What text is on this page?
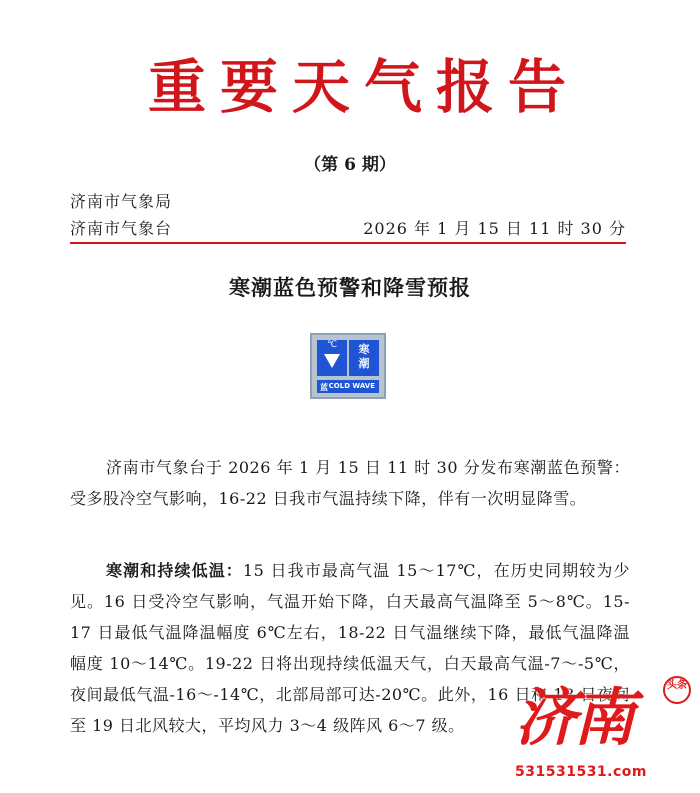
重要天气报告
（第 6 期）
济南市气象局
济南市气象台	2026 年 1 月 15 日 11 时 30 分
寒潮蓝色预警和降雪预报
℃	寒
潮
蓝 COLD WAVE
济南市气象台于 2026 年 1 月 15 日 11 时 30 分发布寒潮蓝色预警：受多股冷空气影响，16-22 日我市气温持续下降，伴有一次明显降雪。
寒潮和持续低温：15 日我市最高气温 15～17℃，在历史同期较为少见。16 日受冷空气影响，气温开始下降，白天最高气温降至 5～8℃。15-17 日最低气温降温幅度 6℃左右，18-22 日气温继续下降，最低气温降温幅度 10～14℃。19-22 日将出现持续低温天气，白天最高气温-7～-5℃，夜间最低气温-16～-14℃，北部局部可达-20℃。此外，16 日和 18 日夜间至 19 日北风较大，平均风力 3～4 级阵风 6～7 级。 济南	头条
531531531.com
